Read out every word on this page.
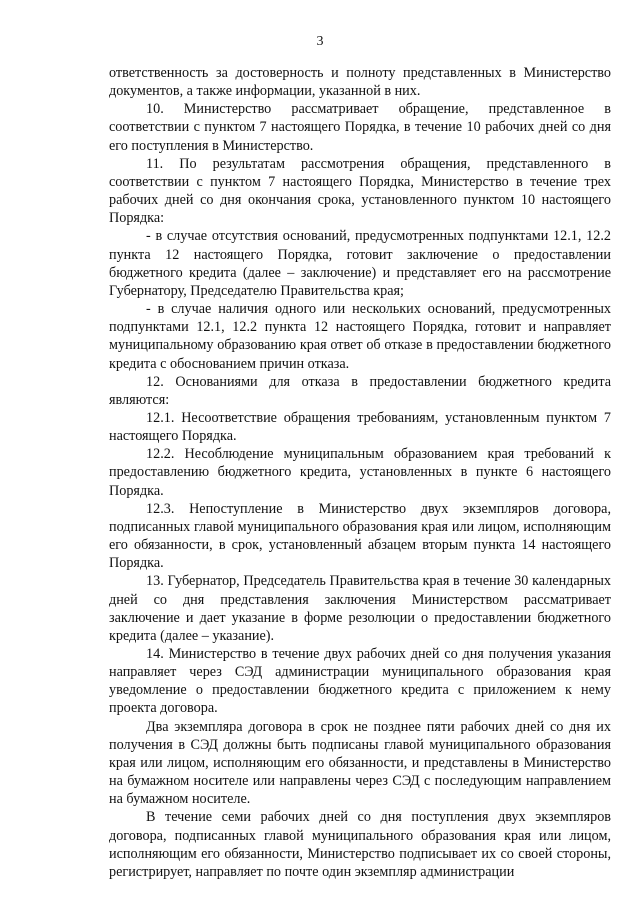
3

ответственность за достоверность и полноту представленных в Министерство документов, а также информации, указанной в них.

10. Министерство рассматривает обращение, представленное в соответствии с пунктом 7 настоящего Порядка, в течение 10 рабочих дней со дня его поступления в Министерство.

11. По результатам рассмотрения обращения, представленного в соответствии с пунктом 7 настоящего Порядка, Министерство в течение трех рабочих дней со дня окончания срока, установленного пунктом 10 настоящего Порядка:

- в случае отсутствия оснований, предусмотренных подпунктами 12.1, 12.2 пункта 12 настоящего Порядка, готовит заключение о предоставлении бюджетного кредита (далее – заключение) и представляет его на рассмотрение Губернатору, Председателю Правительства края;

- в случае наличия одного или нескольких оснований, предусмотренных подпунктами 12.1, 12.2 пункта 12 настоящего Порядка, готовит и направляет муниципальному образованию края ответ об отказе в предоставлении бюджетного кредита с обоснованием причин отказа.

12. Основаниями для отказа в предоставлении бюджетного кредита являются:

12.1. Несоответствие обращения требованиям, установленным пунктом 7 настоящего Порядка.

12.2. Несоблюдение муниципальным образованием края требований к предоставлению бюджетного кредита, установленных в пункте 6 настоящего Порядка.

12.3. Непоступление в Министерство двух экземпляров договора, подписанных главой муниципального образования края или лицом, исполняющим его обязанности, в срок, установленный абзацем вторым пункта 14 настоящего Порядка.

13. Губернатор, Председатель Правительства края в течение 30 календарных дней со дня представления заключения Министерством рассматривает заключение и дает указание в форме резолюции о предоставлении бюджетного кредита (далее – указание).

14. Министерство в течение двух рабочих дней со дня получения указания направляет через СЭД администрации муниципального образования края уведомление о предоставлении бюджетного кредита с приложением к нему проекта договора.

Два экземпляра договора в срок не позднее пяти рабочих дней со дня их получения в СЭД должны быть подписаны главой муниципального образования края или лицом, исполняющим его обязанности, и представлены в Министерство на бумажном носителе или направлены через СЭД с последующим направлением на бумажном носителе.

В течение семи рабочих дней со дня поступления двух экземпляров договора, подписанных главой муниципального образования края или лицом, исполняющим его обязанности, Министерство подписывает их со своей стороны, регистрирует, направляет по почте один экземпляр администрации
